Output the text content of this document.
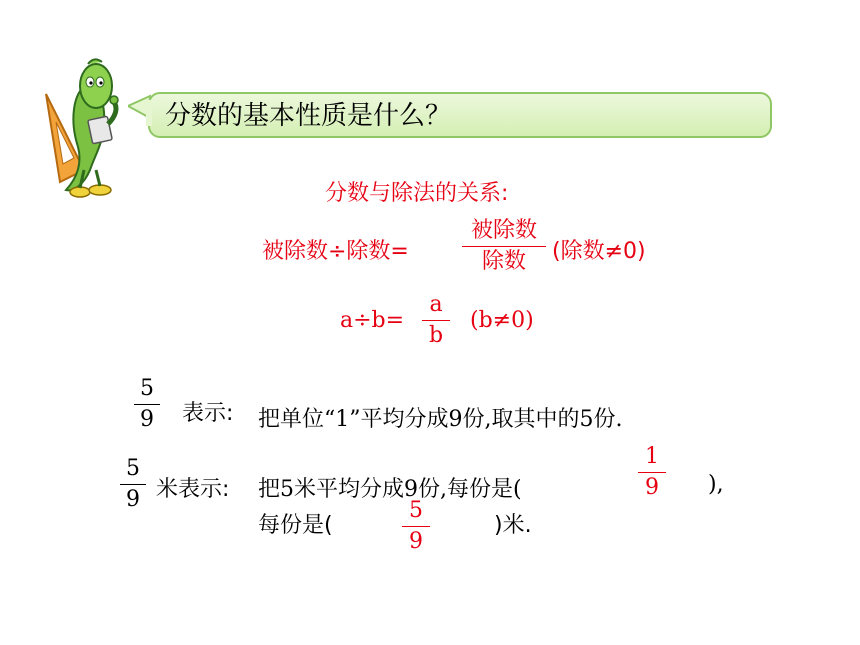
分数的基本性质是什么？
分数与除法的关系:
被除数÷除数=
被除数
除数	(除数≠0)
a÷b=
a
b
(b≠0)
5
9 表示: 把单位“1”平均分成9份,取其中的5份.
5
9 米表示: 把5米平均分成9份,每份是(
1
9	),
每份是(
5
9
)米.
